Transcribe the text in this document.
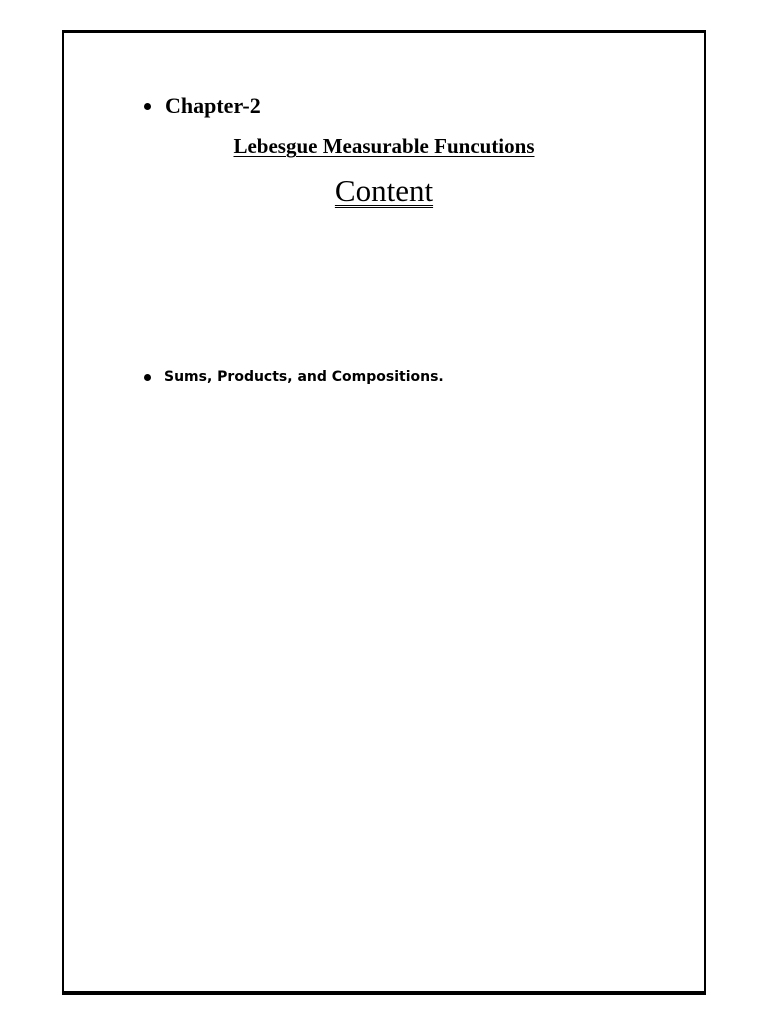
Chapter-2
Lebesgue Measurable Funcutions
Content
Sums, Products, and Compositions.
